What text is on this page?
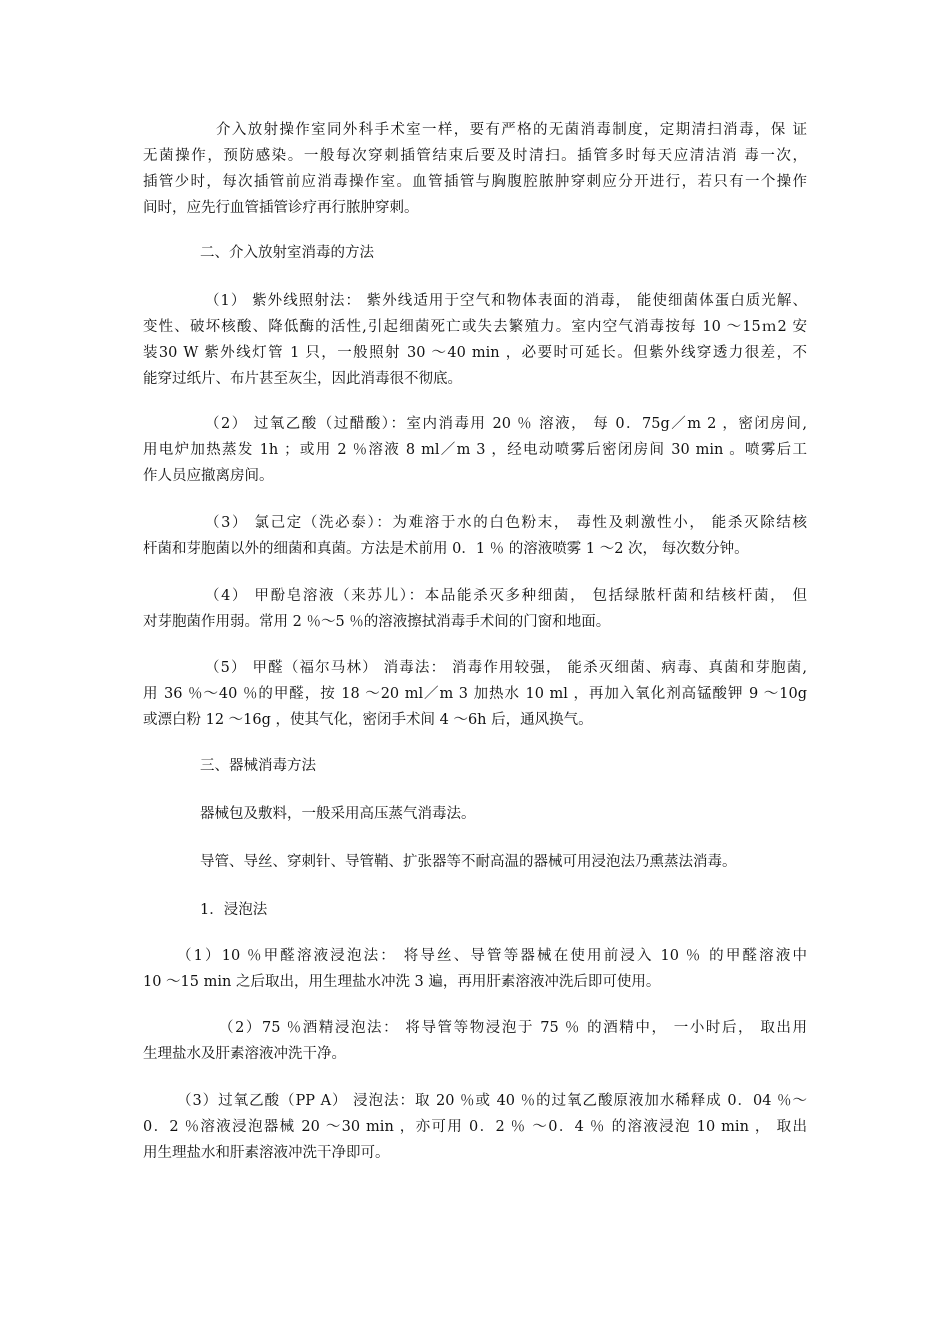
介入放射操作室同外科手术室一样，要有严格的无菌消毒制度，定期清扫消毒，保 证
无菌操作，预防感染。一般每次穿刺插管结束后要及时清扫。插管多时每天应清洁消 毒一次，
插管少时，每次插管前应消毒操作室。血管插管与胸腹腔脓肿穿刺应分开进行，若只有一个操作
间时，应先行血管插管诊疗再行脓肿穿刺。
二、介入放射室消毒的方法
（1） 紫外线照射法： 紫外线适用于空气和物体表面的消毒， 能使细菌体蛋白质光解、
变性、破坏核酸、降低酶的活性,引起细菌死亡或失去繁殖力。室内空气消毒按每 10 ～15ｍ2 安
装30 W 紫外线灯管 1 只，一般照射 30 ～40 min ，必要时可延长。但紫外线穿透力很差，不
能穿过纸片、布片甚至灰尘，因此消毒很不彻底。
（2） 过氧乙酸（过醋酸）：室内消毒用 20 ％ 溶液， 每 0．75g／m 2 ，密闭房间,
用电炉加热蒸发 1h ；或用 2 ％溶液 8 ml／m 3 ，经电动喷雾后密闭房间 30 min 。喷雾后工
作人员应撤离房间。
（3） 氯己定（洗必泰）：为难溶于水的白色粉末， 毒性及刺激性小， 能杀灭除结核
杆菌和芽胞菌以外的细菌和真菌。方法是术前用 0．1 ％ 的溶液喷雾 1 ～2 次， 每次数分钟。
（4） 甲酚皂溶液（来苏儿）：本品能杀灭多种细菌， 包括绿脓杆菌和结核杆菌， 但
对芽胞菌作用弱。常用 2 ％～5 ％的溶液擦拭消毒手术间的门窗和地面。
（5） 甲醛（福尔马林） 消毒法： 消毒作用较强， 能杀灭细菌、病毒、真菌和芽胞菌,
用 36 ％～40 ％的甲醛，按 18 ～20 ml／m 3 加热水 10 ml ，再加入氧化剂高锰酸钾 9 ～10g
或漂白粉 12 ～16g ，使其气化，密闭手术间 4 ～6h 后，通风换气。
三、器械消毒方法
器械包及敷料，一般采用高压蒸气消毒法。
导管、导丝、穿刺针、导管鞘、扩张器等不耐高温的器械可用浸泡法乃熏蒸法消毒。
1．浸泡法
（1）10 ％甲醛溶液浸泡法： 将导丝、导管等器械在使用前浸入 10 ％ 的甲醛溶液中
10 ～15 min 之后取出，用生理盐水冲洗 3 遍，再用肝素溶液冲洗后即可使用。
（2）75 ％酒精浸泡法： 将导管等物浸泡于 75 ％ 的酒精中， 一小时后， 取出用
生理盐水及肝素溶液冲洗干净。
（3）过氧乙酸（PP A） 浸泡法：取 20 ％或 40 ％的过氧乙酸原液加水稀释成 0．04 ％～
0．2 ％溶液浸泡器械 20 ～30 min ，亦可用 0．2 ％ ～0．4 ％ 的溶液浸泡 10 min ， 取出
用生理盐水和肝素溶液冲洗干净即可。
